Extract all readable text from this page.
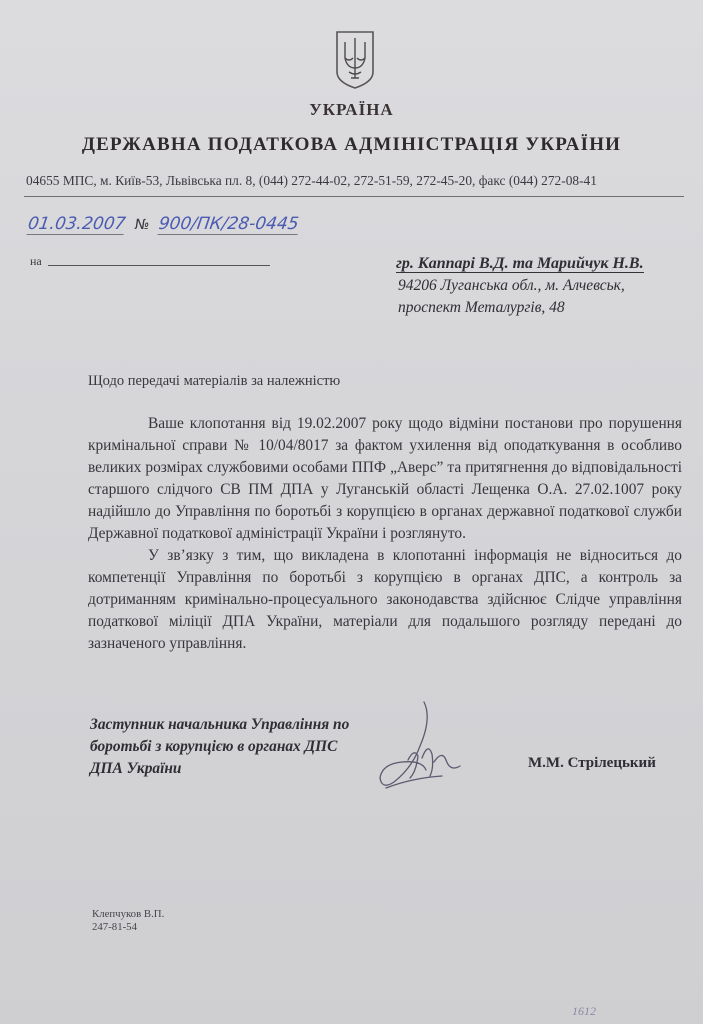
УКРАЇНА
ДЕРЖАВНА ПОДАТКОВА АДМІНІСТРАЦІЯ УКРАЇНИ
04655 МПС, м. Київ-53, Львівська пл. 8, (044) 272-44-02, 272-51-59, 272-45-20, факс (044) 272-08-41
01.03.2007 № 900/ПК/28-0445
на	гр. Каппарі В.Д. та Марийчук Н.В.
94206 Луганська обл., м. Алчевськ,
проспект Металургів, 48
Щодо передачі матеріалів за належністю

Ваше клопотання від 19.02.2007 року щодо відміни постанови про порушення кримінальної справи № 10/04/8017 за фактом ухилення від оподаткування в особливо великих розмірах службовими особами ППФ „Аверс” та притягнення до відповідальності старшого слідчого СВ ПМ ДПА у Луганській області Лещенка О.А. 27.02.1007 року надійшло до Управління по боротьбі з корупцією в органах державної податкової служби Державної податкової адміністрації України і розглянуто.

У зв’язку з тим, що викладена в клопотанні інформація не відноситься до компетенції Управління по боротьбі з корупцією в органах ДПС, а контроль за дотриманням кримінально-процесуального законодавства здійснює Слідче управління податкової міліції ДПА України, матеріали для подальшого розгляду передані до зазначеного управління.

Заступник начальника Управління по
боротьбі з корупцією в органах ДПС
ДПА України	М.М. Стрілецький
Клепчуков В.П.
247-81-54
1612
